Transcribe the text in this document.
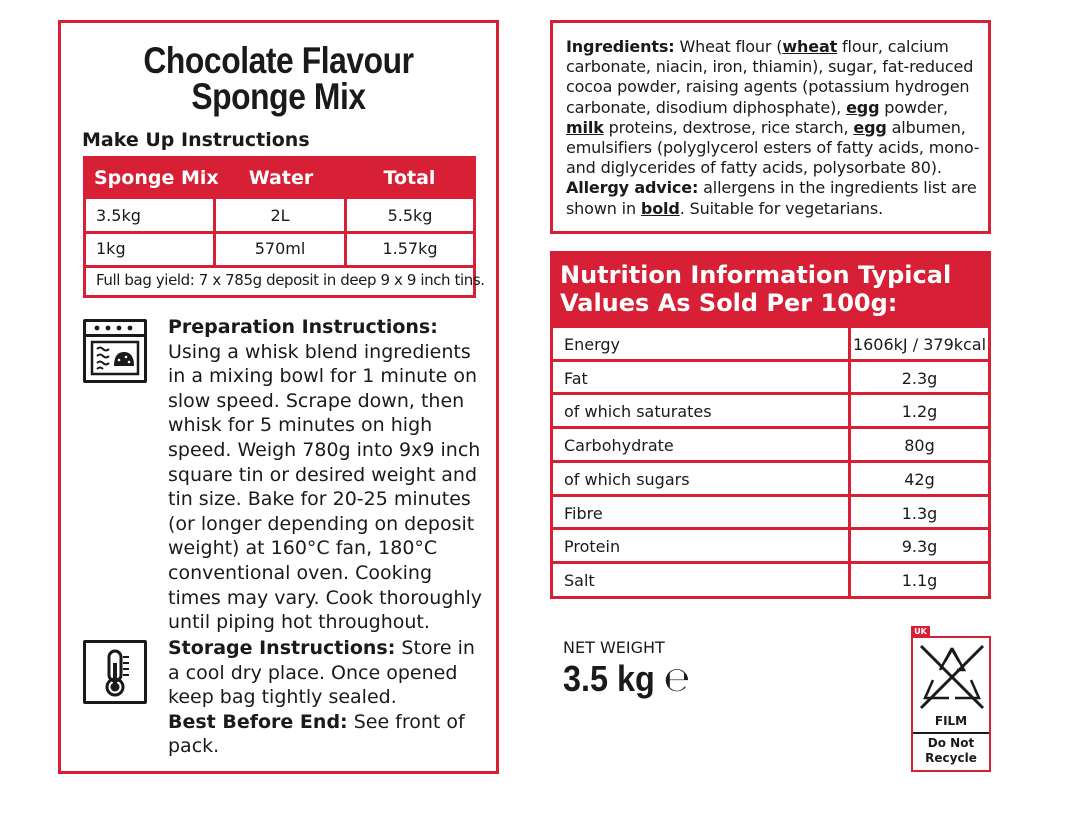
Chocolate Flavour
Sponge Mix
Make Up Instructions
Sponge Mix	Water	Total
3.5kg	2L	5.5kg
1kg	570ml	1.57kg
Full bag yield: 7 x 785g deposit in deep 9 x 9 inch tins.
Preparation Instructions:
Using a whisk blend ingredients in a mixing bowl for 1 minute on slow speed. Scrape down, then whisk for 5 minutes on high speed. Weigh 780g into 9x9 inch square tin or desired weight and tin size. Bake for 20-25 minutes (or longer depending on deposit weight) at 160°C fan, 180°C conventional oven. Cooking times may vary. Cook thoroughly until piping hot throughout.
Storage Instructions: Store in a cool dry place. Once opened keep bag tightly sealed.
Best Before End: See front of pack.
Ingredients: Wheat flour (wheat flour, calcium carbonate, niacin, iron, thiamin), sugar, fat-reduced cocoa powder, raising agents (potassium hydrogen carbonate, disodium diphosphate), egg powder, milk proteins, dextrose, rice starch, egg albumen, emulsifiers (polyglycerol esters of fatty acids, mono- and diglycerides of fatty acids, polysorbate 80).
Allergy advice: allergens in the ingredients list are shown in bold. Suitable for vegetarians.
Nutrition Information Typical
Values As Sold Per 100g:
Energy	1606kJ / 379kcal
Fat	2.3g
of which saturates	1.2g
Carbohydrate	80g
of which sugars	42g
Fibre	1.3g
Protein	9.3g
Salt	1.1g
NET WEIGHT
3.5 kg ℮
UK
FILM
Do Not
Recycle
